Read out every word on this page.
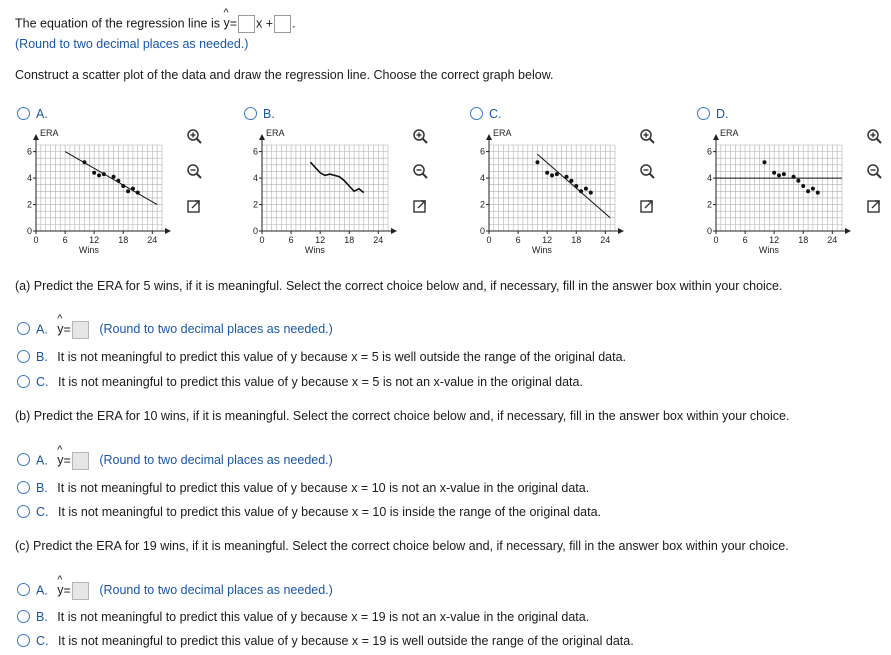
The equation of the regression line is
^
y= x + .
(Round to two decimal places as needed.)
Construct a scatter plot of the data and draw the regression line. Choose the correct graph below.
A.	B.	C.	D.
6
4
2
0
0	6 12 18 24
ERA
Wins
6
4
2
0
0	6 12 18 24
ERA
Wins
6
4
2
0
0	6 12 18 24
ERA
Wins
6
4
2
0
0	6 12 18 24
ERA
Wins
(a) Predict the ERA for 5 wins, if it is meaningful. Select the correct choice below and, if necessary, fill in the answer box within your choice.
A.
^
y= (Round to two decimal places as needed.)
B. It is not meaningful to predict this value of y because x = 5 is well outside the range of the original data.
C. It is not meaningful to predict this value of y because x = 5 is not an x-value in the original data.
(b) Predict the ERA for 10 wins, if it is meaningful. Select the correct choice below and, if necessary, fill in the answer box within your choice.
A.
^
y= (Round to two decimal places as needed.)
B. It is not meaningful to predict this value of y because x = 10 is not an x-value in the original data.
C. It is not meaningful to predict this value of y because x = 10 is inside the range of the original data.
(c) Predict the ERA for 19 wins, if it is meaningful. Select the correct choice below and, if necessary, fill in the answer box within your choice.
A.
^
y= (Round to two decimal places as needed.)
B. It is not meaningful to predict this value of y because x = 19 is not an x-value in the original data.
C. It is not meaningful to predict this value of y because x = 19 is well outside the range of the original data.
